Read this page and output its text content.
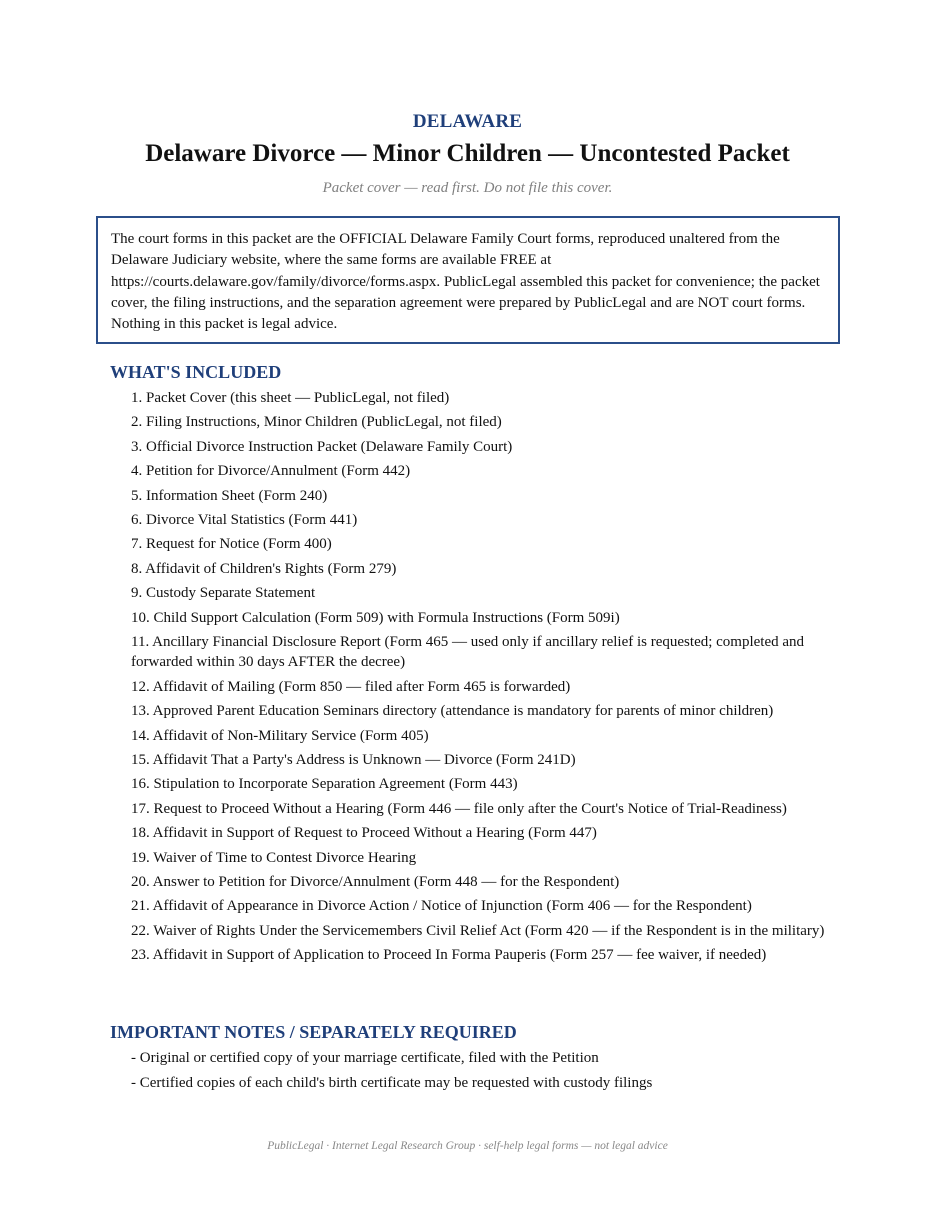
DELAWARE
Delaware Divorce — Minor Children — Uncontested Packet
Packet cover — read first. Do not file this cover.
The court forms in this packet are the OFFICIAL Delaware Family Court forms, reproduced unaltered from the Delaware Judiciary website, where the same forms are available FREE at https://courts.delaware.gov/family/divorce/forms.aspx. PublicLegal assembled this packet for convenience; the packet cover, the filing instructions, and the separation agreement were prepared by PublicLegal and are NOT court forms. Nothing in this packet is legal advice.
WHAT'S INCLUDED
1. Packet Cover (this sheet — PublicLegal, not filed)
2. Filing Instructions, Minor Children (PublicLegal, not filed)
3. Official Divorce Instruction Packet (Delaware Family Court)
4. Petition for Divorce/Annulment (Form 442)
5. Information Sheet (Form 240)
6. Divorce Vital Statistics (Form 441)
7. Request for Notice (Form 400)
8. Affidavit of Children's Rights (Form 279)
9. Custody Separate Statement
10. Child Support Calculation (Form 509) with Formula Instructions (Form 509i)
11. Ancillary Financial Disclosure Report (Form 465 — used only if ancillary relief is requested; completed and forwarded within 30 days AFTER the decree)
12. Affidavit of Mailing (Form 850 — filed after Form 465 is forwarded)
13. Approved Parent Education Seminars directory (attendance is mandatory for parents of minor children)
14. Affidavit of Non-Military Service (Form 405)
15. Affidavit That a Party's Address is Unknown — Divorce (Form 241D)
16. Stipulation to Incorporate Separation Agreement (Form 443)
17. Request to Proceed Without a Hearing (Form 446 — file only after the Court's Notice of Trial-Readiness)
18. Affidavit in Support of Request to Proceed Without a Hearing (Form 447)
19. Waiver of Time to Contest Divorce Hearing
20. Answer to Petition for Divorce/Annulment (Form 448 — for the Respondent)
21. Affidavit of Appearance in Divorce Action / Notice of Injunction (Form 406 — for the Respondent)
22. Waiver of Rights Under the Servicemembers Civil Relief Act (Form 420 — if the Respondent is in the military)
23. Affidavit in Support of Application to Proceed In Forma Pauperis (Form 257 — fee waiver, if needed)
IMPORTANT NOTES / SEPARATELY REQUIRED
- Original or certified copy of your marriage certificate, filed with the Petition
- Certified copies of each child's birth certificate may be requested with custody filings
PublicLegal · Internet Legal Research Group · self-help legal forms — not legal advice
